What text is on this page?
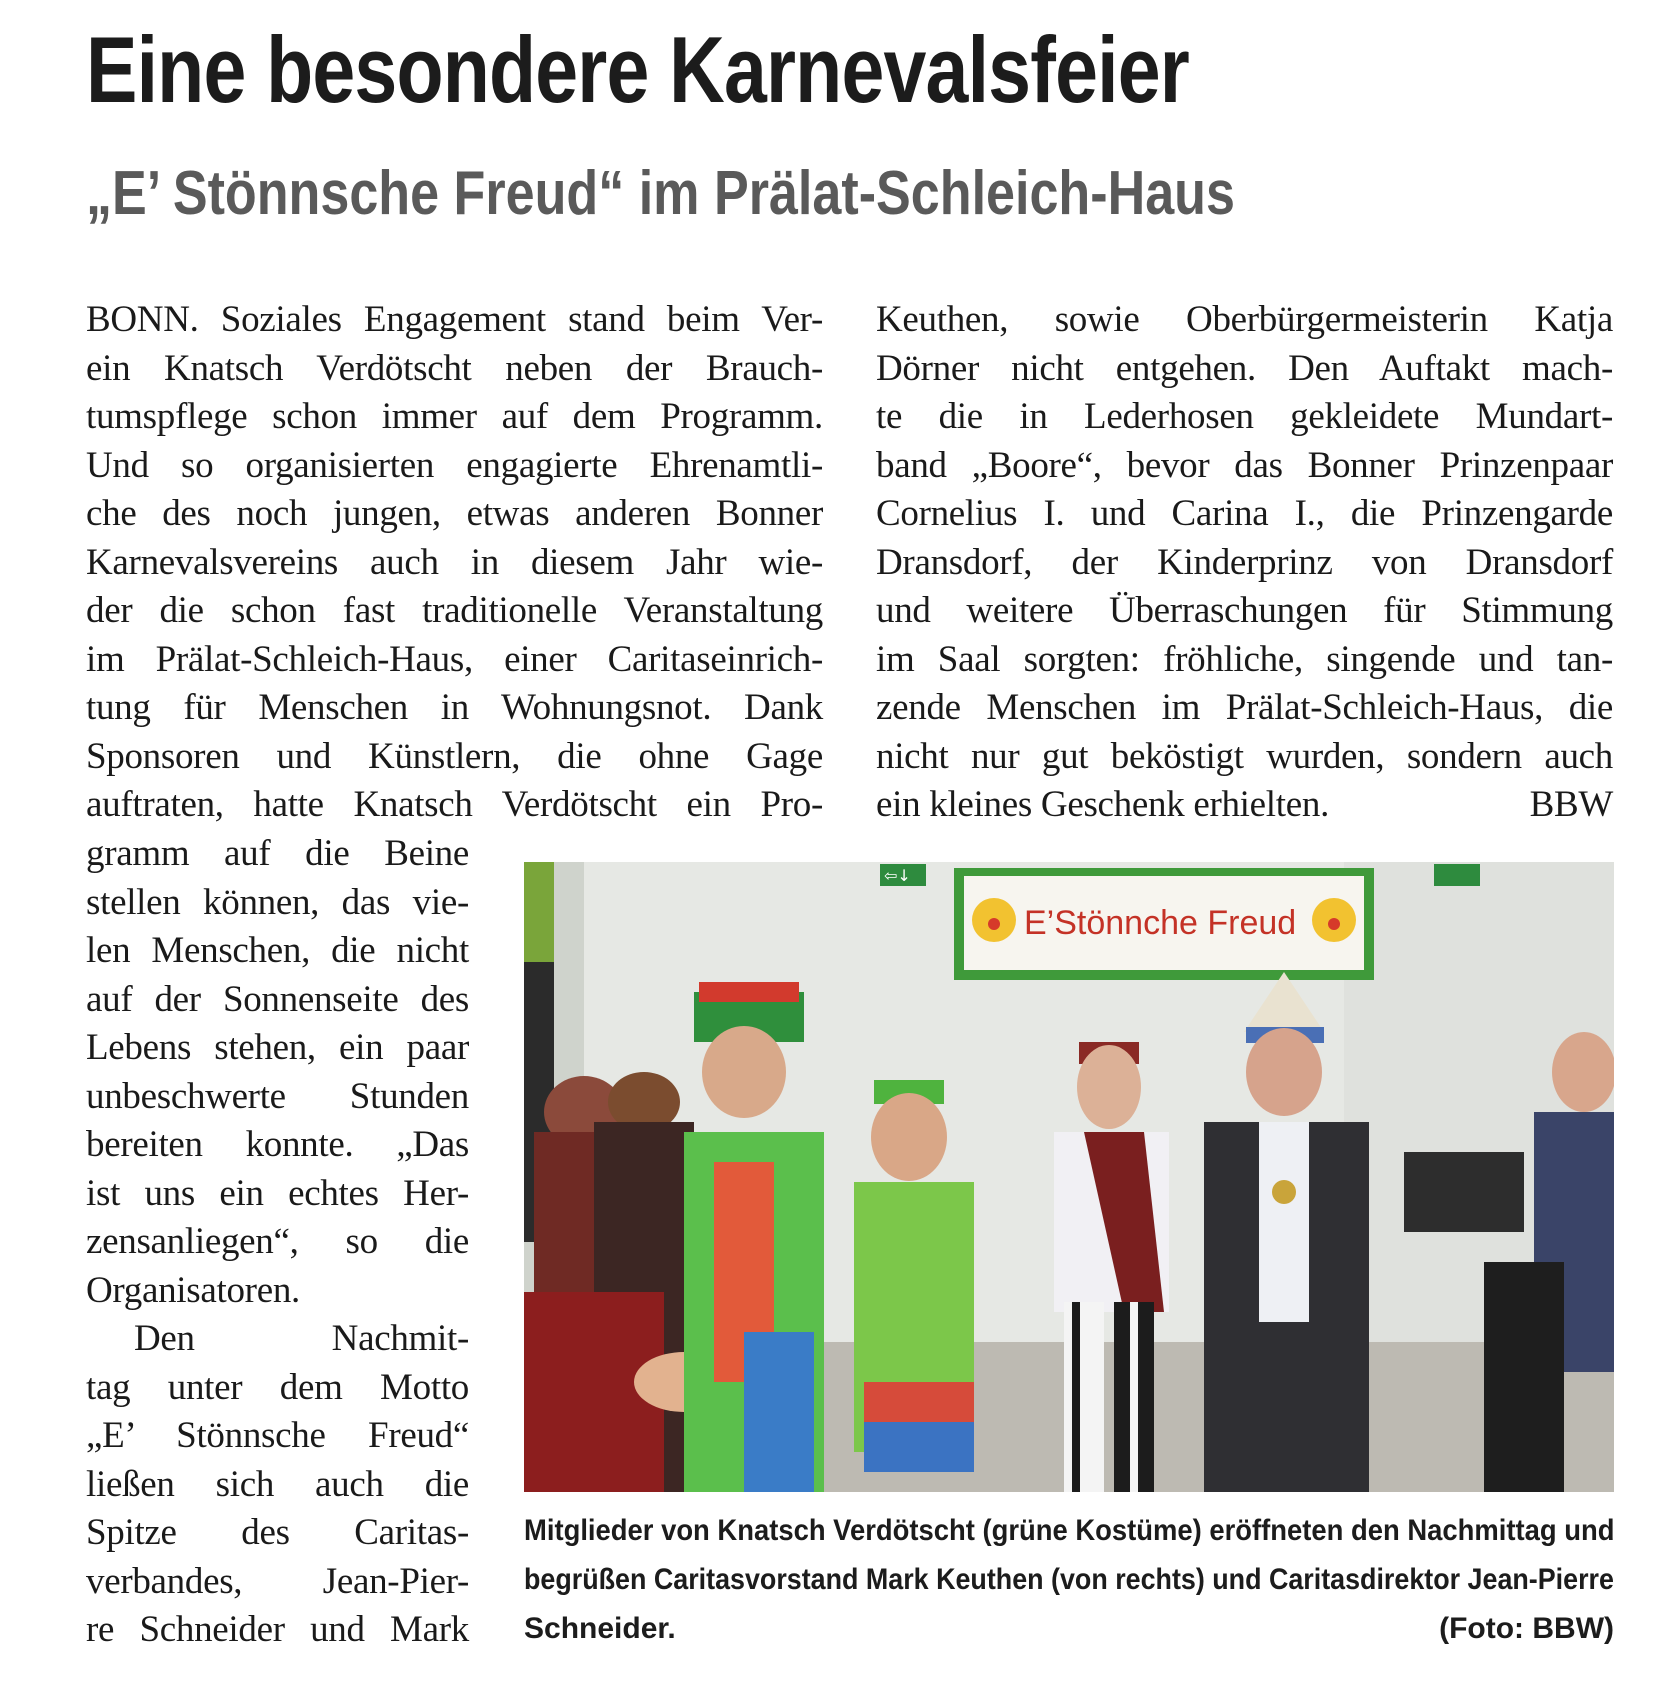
Eine besondere Karnevalsfeier
„E’ Stönnsche Freud“ im Prälat-Schleich-Haus
BONN. Soziales Engagement stand beim Ver-
ein Knatsch Verdötscht neben der Brauch-
tumspflege schon immer auf dem Programm.
Und so organisierten engagierte Ehrenamtli-
che des noch jungen, etwas anderen Bonner
Karnevalsvereins auch in diesem Jahr wie-
der die schon fast traditionelle Veranstaltung
im Prälat-Schleich-Haus, einer Caritaseinrich-
tung für Menschen in Wohnungsnot. Dank
Sponsoren und Künstlern, die ohne Gage
auftraten, hatte Knatsch Verdötscht ein Pro-
gramm auf die Beine
stellen können, das vie-
len Menschen, die nicht
auf der Sonnenseite des
Lebens stehen, ein paar
unbeschwerte Stunden
bereiten konnte. „Das
ist uns ein echtes Her-
zensanliegen“, so die
Organisatoren.
Den Nachmit-
tag unter dem Motto
„E’ Stönnsche Freud“
ließen sich auch die
Spitze des Caritas-
verbandes, Jean-Pier-
re Schneider und Mark
Keuthen, sowie Oberbürgermeisterin Katja
Dörner nicht entgehen. Den Auftakt mach-
te die in Lederhosen gekleidete Mundart-
band „Boore“, bevor das Bonner Prinzenpaar
Cornelius I. und Carina I., die Prinzengarde
Dransdorf, der Kinderprinz von Dransdorf
und weitere Überraschungen für Stimmung
im Saal sorgten: fröhliche, singende und tan-
zende Menschen im Prälat-Schleich-Haus, die
nicht nur gut beköstigt wurden, sondern auch
ein kleines Geschenk erhielten.	BBW
E’Stönnche Freud
⇦↓
Mitglieder von Knatsch Verdötscht (grüne Kostüme) eröffneten den Nachmittag und
begrüßen Caritasvorstand Mark Keuthen (von rechts) und Caritasdirektor Jean-Pierre
Schneider.	(Foto: BBW)
